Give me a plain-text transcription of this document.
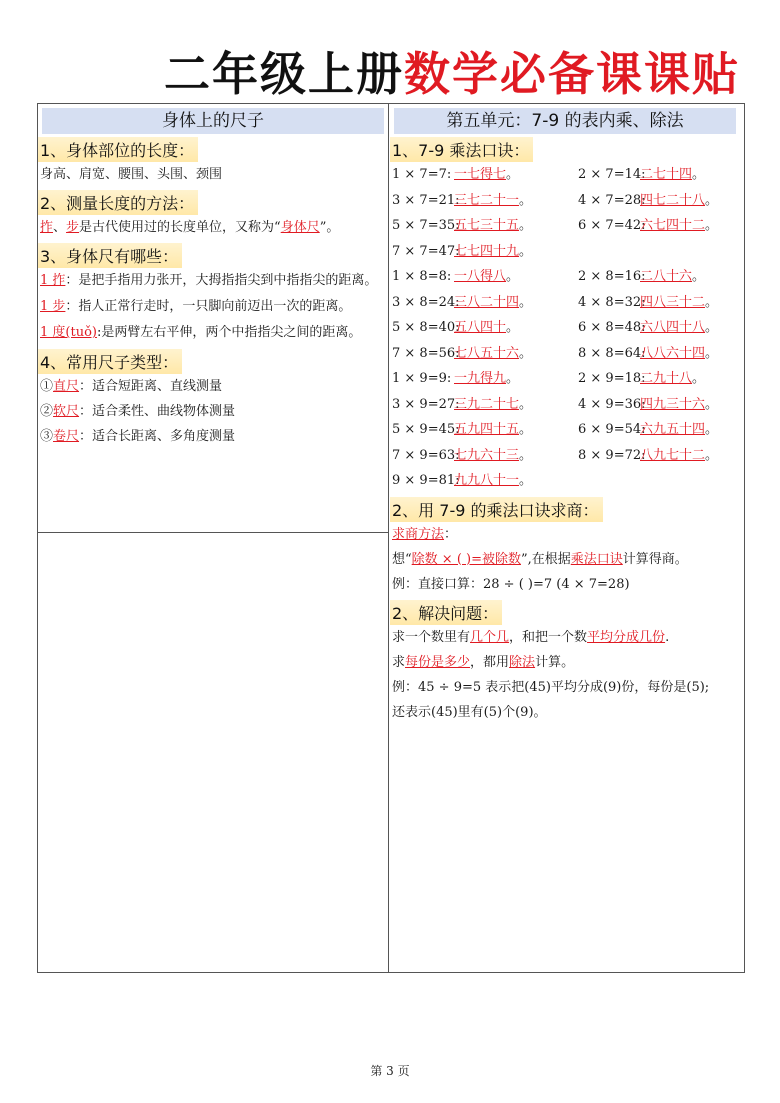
二年级上册数学必备课课贴
身体上的尺子
1、身体部位的长度：
身高、肩宽、腰围、头围、颈围
2、测量长度的方法：
拃、步是古代使用过的长度单位，又称为“身体尺”。
3、身体尺有哪些：
1 拃：是把手指用力张开，大拇指指尖到中指指尖的距离。
1 步：指人正常行走时，一只脚向前迈出一次的距离。
1 度(tuǒ):是两臂左右平伸，两个中指指尖之间的距离。
4、常用尺子类型：
①直尺：适合短距离、直线测量
②软尺：适合柔性、曲线物体测量
③卷尺：适合长距离、多角度测量
第五单元：7-9 的表内乘、除法
1、7-9 乘法口诀：
1 × 7=7: 一七得七。	2 × 7=14:二七十四。
3 × 7=21:三七二十一。	4 × 7=28:四七二十八。
5 × 7=35:五七三十五。	6 × 7=42:六七四十二。
7 × 7=47:七七四十九。
1 × 8=8: 一八得八。	2 × 8=16:二八十六。
3 × 8=24:三八二十四。	4 × 8=32:四八三十二。
5 × 8=40:五八四十。	6 × 8=48:六八四十八。
7 × 8=56:七八五十六。	8 × 8=64:八八六十四。
1 × 9=9: 一九得九。	2 × 9=18:二九十八。
3 × 9=27:三九二十七。	4 × 9=36:四九三十六。
5 × 9=45:五九四十五。	6 × 9=54:六九五十四。
7 × 9=63:七九六十三。	8 × 9=72:八九七十二。
9 × 9=81:九九八十一。
2、用 7-9 的乘法口诀求商：
求商方法：
想“除数 × ( )=被除数”,在根据乘法口诀计算得商。
例：直接口算：28 ÷ ( )=7 (4 × 7=28)
2、解决问题：
求一个数里有几个几，和把一个数平均分成几份.
求每份是多少，都用除法计算。
例：45 ÷ 9=5 表示把(45)平均分成(9)份，每份是(5);
还表示(45)里有(5)个(9)。
第 3 页
